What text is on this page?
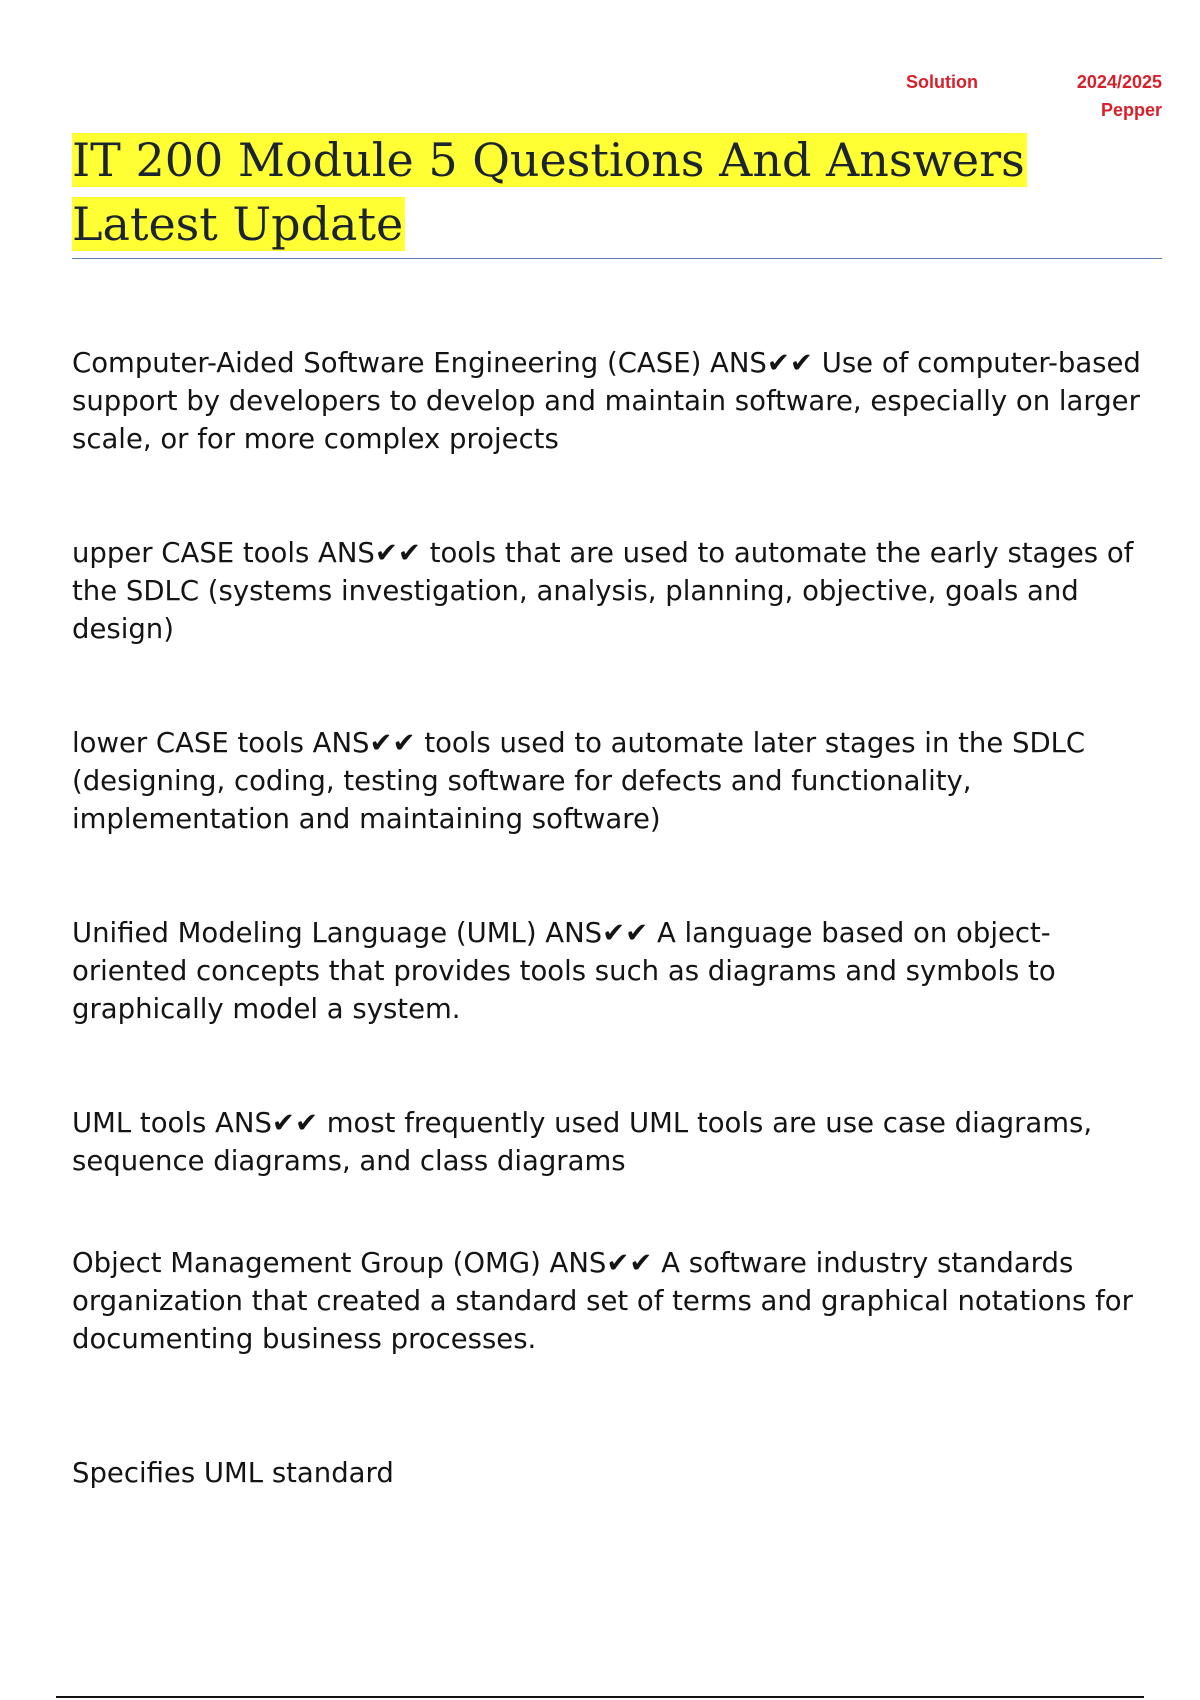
Solution	2024/2025
Pepper
IT 200 Module 5 Questions And Answers Latest Update

Computer-Aided Software Engineering (CASE) ANS✔✔ Use of computer-based support by developers to develop and maintain software, especially on larger scale, or for more complex projects

upper CASE tools ANS✔✔ tools that are used to automate the early stages of the SDLC (systems investigation, analysis, planning, objective, goals and design)

lower CASE tools ANS✔✔ tools used to automate later stages in the SDLC (designing, coding, testing software for defects and functionality, implementation and maintaining software)

Unified Modeling Language (UML) ANS✔✔ A language based on object-oriented concepts that provides tools such as diagrams and symbols to graphically model a system.

UML tools ANS✔✔ most frequently used UML tools are use case diagrams, sequence diagrams, and class diagrams

Object Management Group (OMG) ANS✔✔ A software industry standards organization that created a standard set of terms and graphical notations for documenting business processes.

Specifies UML standard
